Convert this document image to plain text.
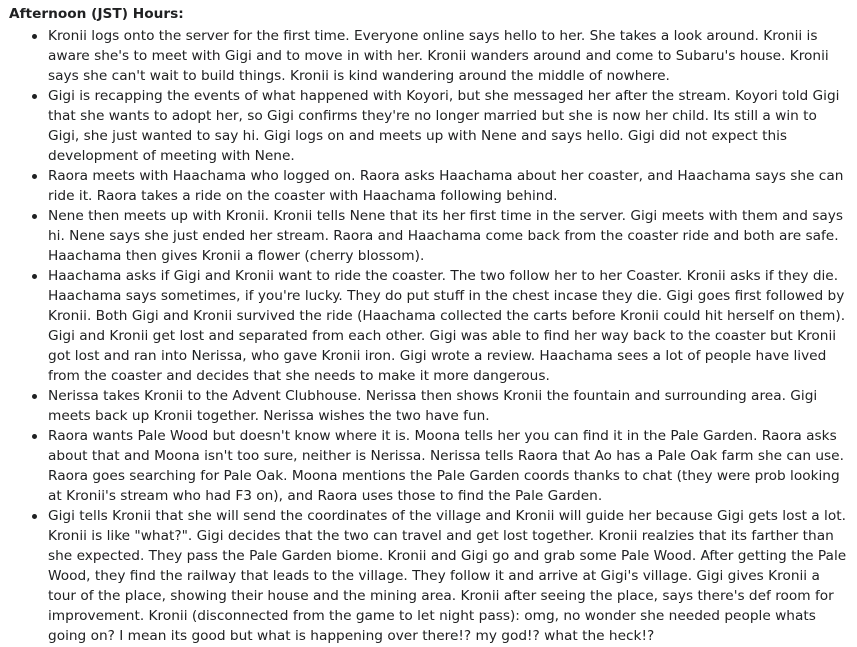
Afternoon (JST) Hours:
Kronii logs onto the server for the first time. Everyone online says hello to her. She takes a look around. Kronii is aware she's to meet with Gigi and to move in with her. Kronii wanders around and come to Subaru's house. Kronii says she can't wait to build things. Kronii is kind wandering around the middle of nowhere.
Gigi is recapping the events of what happened with Koyori, but she messaged her after the stream. Koyori told Gigi that she wants to adopt her, so Gigi confirms they're no longer married but she is now her child. Its still a win to Gigi, she just wanted to say hi. Gigi logs on and meets up with Nene and says hello. Gigi did not expect this development of meeting with Nene.
Raora meets with Haachama who logged on. Raora asks Haachama about her coaster, and Haachama says she can ride it. Raora takes a ride on the coaster with Haachama following behind.
Nene then meets up with Kronii. Kronii tells Nene that its her first time in the server. Gigi meets with them and says hi. Nene says she just ended her stream. Raora and Haachama come back from the coaster ride and both are safe. Haachama then gives Kronii a flower (cherry blossom).
Haachama asks if Gigi and Kronii want to ride the coaster. The two follow her to her Coaster. Kronii asks if they die. Haachama says sometimes, if you're lucky. They do put stuff in the chest incase they die. Gigi goes first followed by Kronii. Both Gigi and Kronii survived the ride (Haachama collected the carts before Kronii could hit herself on them). Gigi and Kronii get lost and separated from each other. Gigi was able to find her way back to the coaster but Kronii got lost and ran into Nerissa, who gave Kronii iron. Gigi wrote a review. Haachama sees a lot of people have lived from the coaster and decides that she needs to make it more dangerous.
Nerissa takes Kronii to the Advent Clubhouse. Nerissa then shows Kronii the fountain and surrounding area. Gigi meets back up Kronii together. Nerissa wishes the two have fun.
Raora wants Pale Wood but doesn't know where it is. Moona tells her you can find it in the Pale Garden. Raora asks about that and Moona isn't too sure, neither is Nerissa. Nerissa tells Raora that Ao has a Pale Oak farm she can use. Raora goes searching for Pale Oak. Moona mentions the Pale Garden coords thanks to chat (they were prob looking at Kronii's stream who had F3 on), and Raora uses those to find the Pale Garden.
Gigi tells Kronii that she will send the coordinates of the village and Kronii will guide her because Gigi gets lost a lot. Kronii is like "what?". Gigi decides that the two can travel and get lost together. Kronii realzies that its farther than she expected. They pass the Pale Garden biome. Kronii and Gigi go and grab some Pale Wood. After getting the Pale Wood, they find the railway that leads to the village. They follow it and arrive at Gigi's village. Gigi gives Kronii a tour of the place, showing their house and the mining area. Kronii after seeing the place, says there's def room for improvement. Kronii (disconnected from the game to let night pass): omg, no wonder she needed people whats going on? I mean its good but what is happening over there!? my god!? what the heck!?
